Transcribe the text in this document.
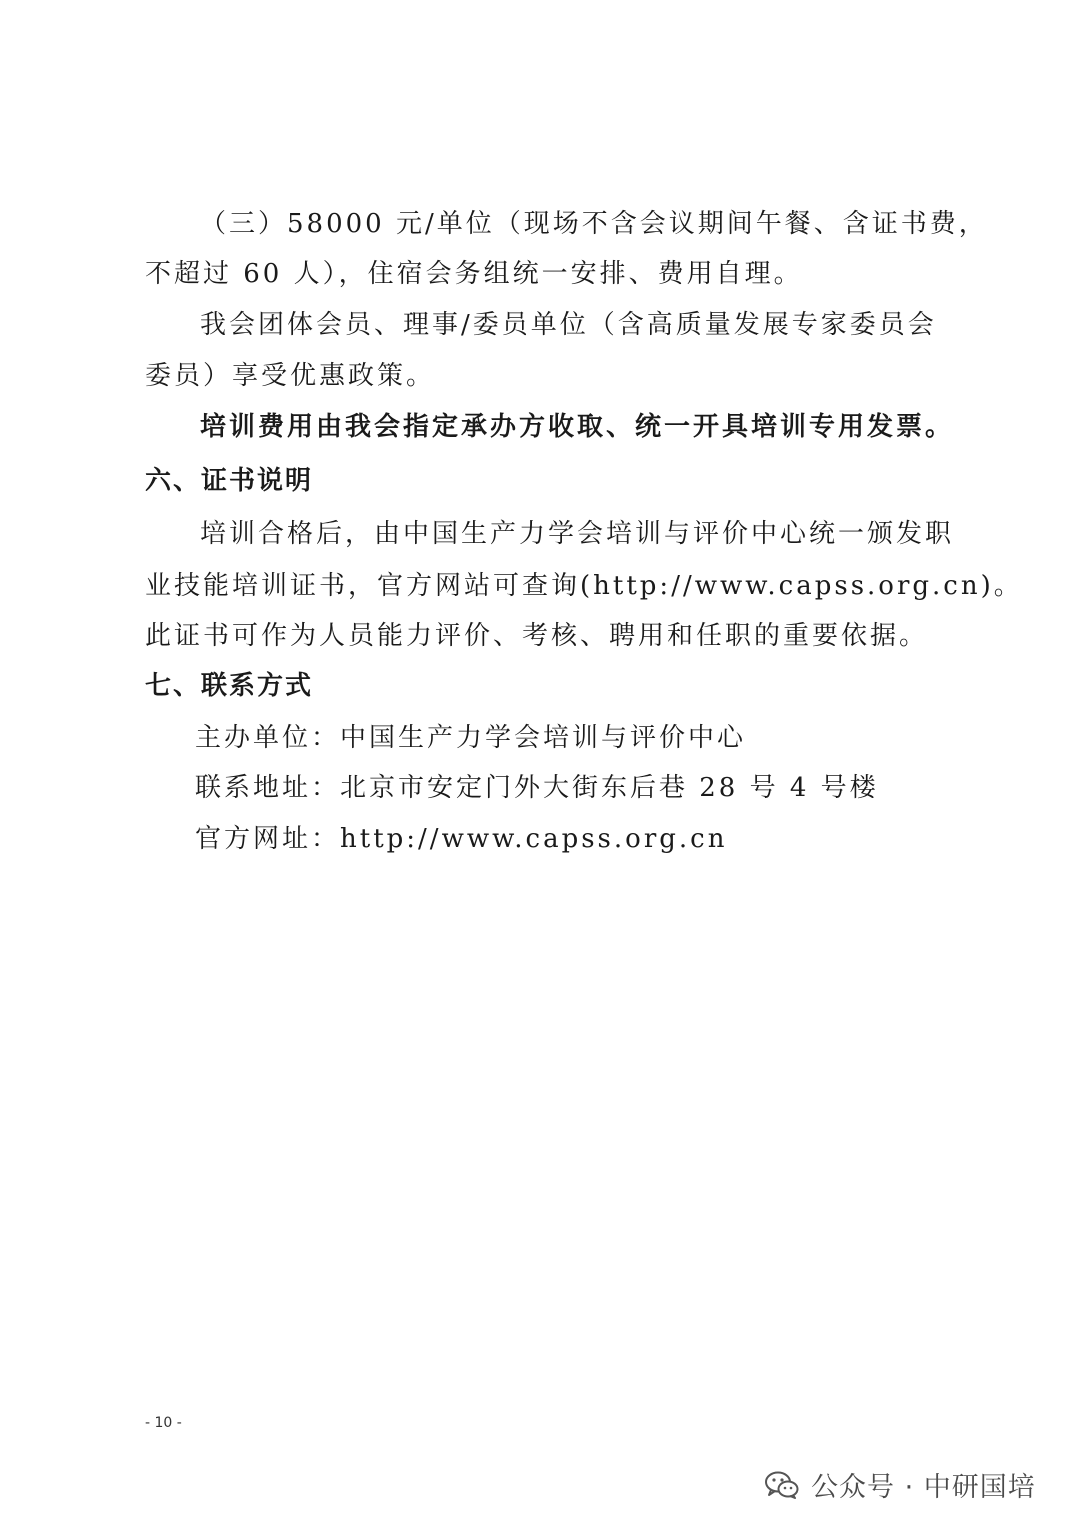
（三）58000 元/单位（现场不含会议期间午餐、含证书费，
不超过 60 人），住宿会务组统一安排、费用自理。
我会团体会员、理事/委员单位（含高质量发展专家委员会
委员）享受优惠政策。
培训费用由我会指定承办方收取、统一开具培训专用发票。
六、证书说明
培训合格后，由中国生产力学会培训与评价中心统一颁发职
业技能培训证书，官方网站可查询(http://www.capss.org.cn)。
此证书可作为人员能力评价、考核、聘用和任职的重要依据。
七、联系方式
主办单位：中国生产力学会培训与评价中心
联系地址：北京市安定门外大街东后巷 28 号 4 号楼
官方网址：http://www.capss.org.cn
- 10 -
公众号 · 中研国培
